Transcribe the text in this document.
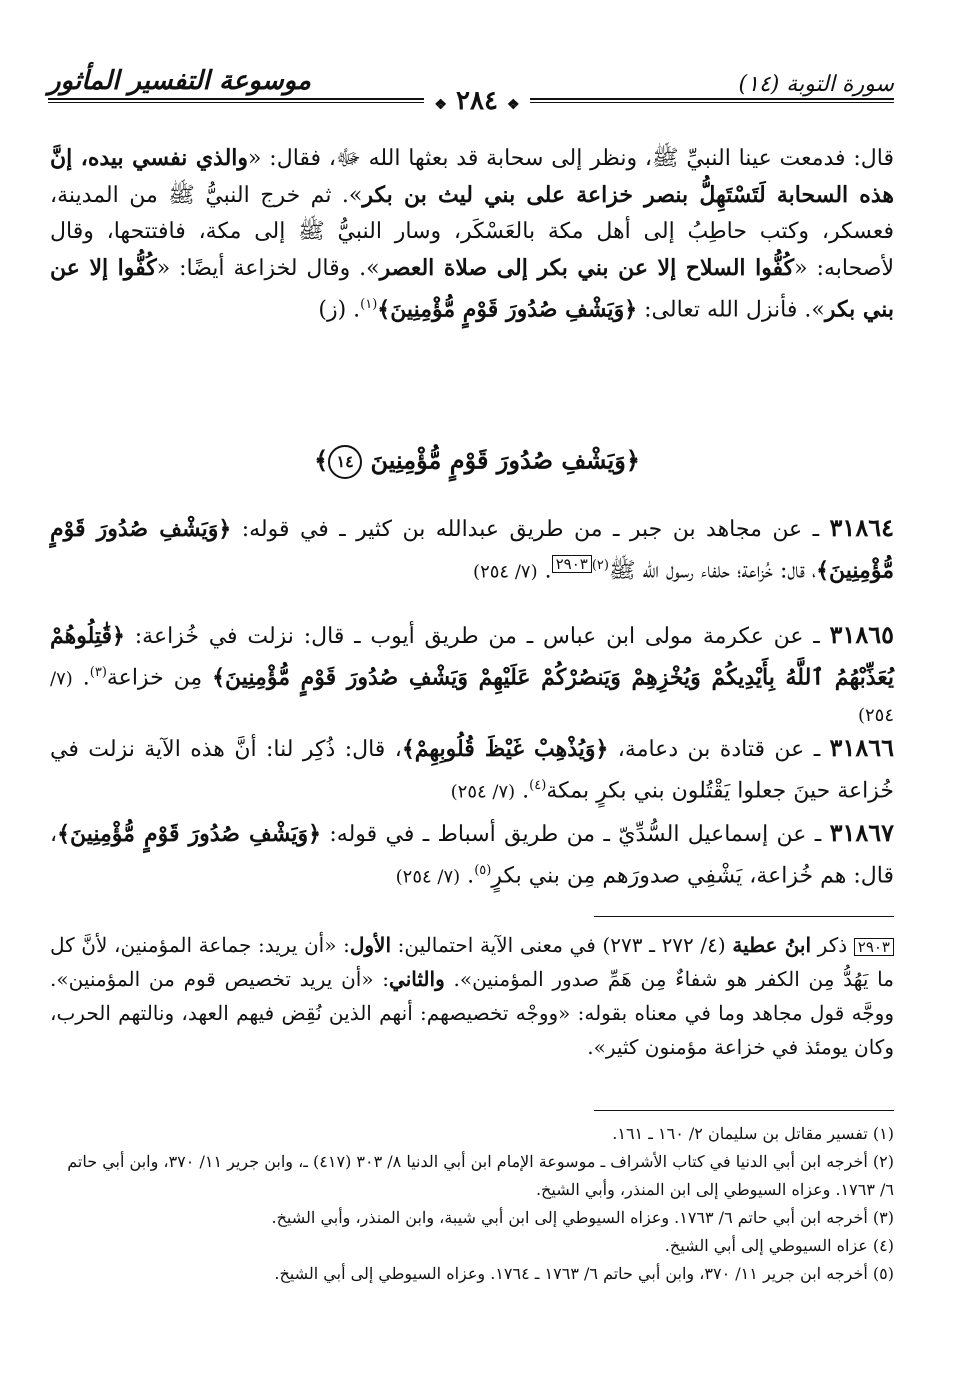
سورة التوبة (١٤)
موسوعة التفسير المأثور
❖ ٢٨٤ ❖
قال: فدمعت عينا النبيِّ ﷺ، ونظر إلى سحابة قد بعثها الله ﷻ، فقال: «والذي نفسي بيده، إنَّ هذه السحابة لَتَسْتَهِلُّ بنصر خزاعة على بني ليث بن بكر». ثم خرج النبيُّ ﷺ من المدينة، فعسكر، وكتب حاطِبُ إلى أهل مكة بالعَسْكَر، وسار النبيُّ ﷺ إلى مكة، فافتتحها، وقال لأصحابه: «كُفُّوا السلاح إلا عن بني بكر إلى صلاة العصر». وقال لخزاعة أيضًا: «كُفُّوا إلا عن بني بكر». فأنزل الله تعالى: ﴿وَيَشْفِ صُدُورَ قَوْمٍ مُّؤْمِنِينَ﴾$^{(١)}$. (ز)
﴿وَيَشْفِ صُدُورَ قَوْمٍ مُّؤْمِنِينَ ١٤﴾
٣١٨٦٤ ـ عن مجاهد بن جبر ـ من طريق عبدالله بن كثير ـ في قوله: ﴿وَيَشْفِ صُدُورَ قَوْمٍ مُّؤْمِنِينَ﴾، قال: خُزاعة؛ حلفاء رسول الله ﷺ$^{(٢)}$٢٩٠٣. (٧/ ٢٥٤)
٣١٨٦٥ ـ عن عكرمة مولى ابن عباس ـ من طريق أيوب ـ قال: نزلت في خُزاعة: ﴿قَٰتِلُوهُمْ يُعَذِّبْهُمُ ٱللَّهُ بِأَيْدِيكُمْ وَيُخْزِهِمْ وَيَنصُرْكُمْ عَلَيْهِمْ وَيَشْفِ صُدُورَ قَوْمٍ مُّؤْمِنِينَ﴾ مِن خزاعة$^{(٣)}$. (٧/ ٢٥٤)
٣١٨٦٦ ـ عن قتادة بن دعامة، ﴿وَيُذْهِبْ غَيْظَ قُلُوبِهِمْ﴾، قال: ذُكِر لنا: أنَّ هذه الآية نزلت في خُزاعة حينَ جعلوا يَقْتُلون بني بكرٍ بمكة$^{(٤)}$. (٧/ ٢٥٤)
٣١٨٦٧ ـ عن إسماعيل السُّدِّيّ ـ من طريق أسباط ـ في قوله: ﴿وَيَشْفِ صُدُورَ قَوْمٍ مُّؤْمِنِينَ﴾، قال: هم خُزاعة، يَشْفِي صدورَهم مِن بني بكرٍ$^{(٥)}$. (٧/ ٢٥٤)
٢٩٠٣ ذكر ابنُ عطية (٤/ ٢٧٢ ـ ٢٧٣) في معنى الآية احتمالين: الأول: «أن يريد: جماعة المؤمنين، لأنَّ كل ما يَهُدُّ مِن الكفر هو شفاءٌ مِن هَمِّ صدور المؤمنين». والثاني: «أن يريد تخصيص قوم من المؤمنين». ووجَّه قول مجاهد وما في معناه بقوله: «ووجْه تخصيصهم: أنهم الذين نُقِض فيهم العهد، ونالتهم الحرب، وكان يومئذ في خزاعة مؤمنون كثير».

(١) تفسير مقاتل بن سليمان ٢/ ١٦٠ ـ ١٦١.

(٢) أخرجه ابن أبي الدنيا في كتاب الأشراف ـ موسوعة الإمام ابن أبي الدنيا ٨/ ٣٠٣ (٤١٧) ـ، وابن جرير ١١/ ٣٧٠، وابن أبي حاتم ٦/ ١٧٦٣. وعزاه السيوطي إلى ابن المنذر، وأبي الشيخ.

(٣) أخرجه ابن أبي حاتم ٦/ ١٧٦٣. وعزاه السيوطي إلى ابن أبي شيبة، وابن المنذر، وأبي الشيخ.

(٤) عزاه السيوطي إلى أبي الشيخ.

(٥) أخرجه ابن جرير ١١/ ٣٧٠، وابن أبي حاتم ٦/ ١٧٦٣ ـ ١٧٦٤. وعزاه السيوطي إلى أبي الشيخ.
